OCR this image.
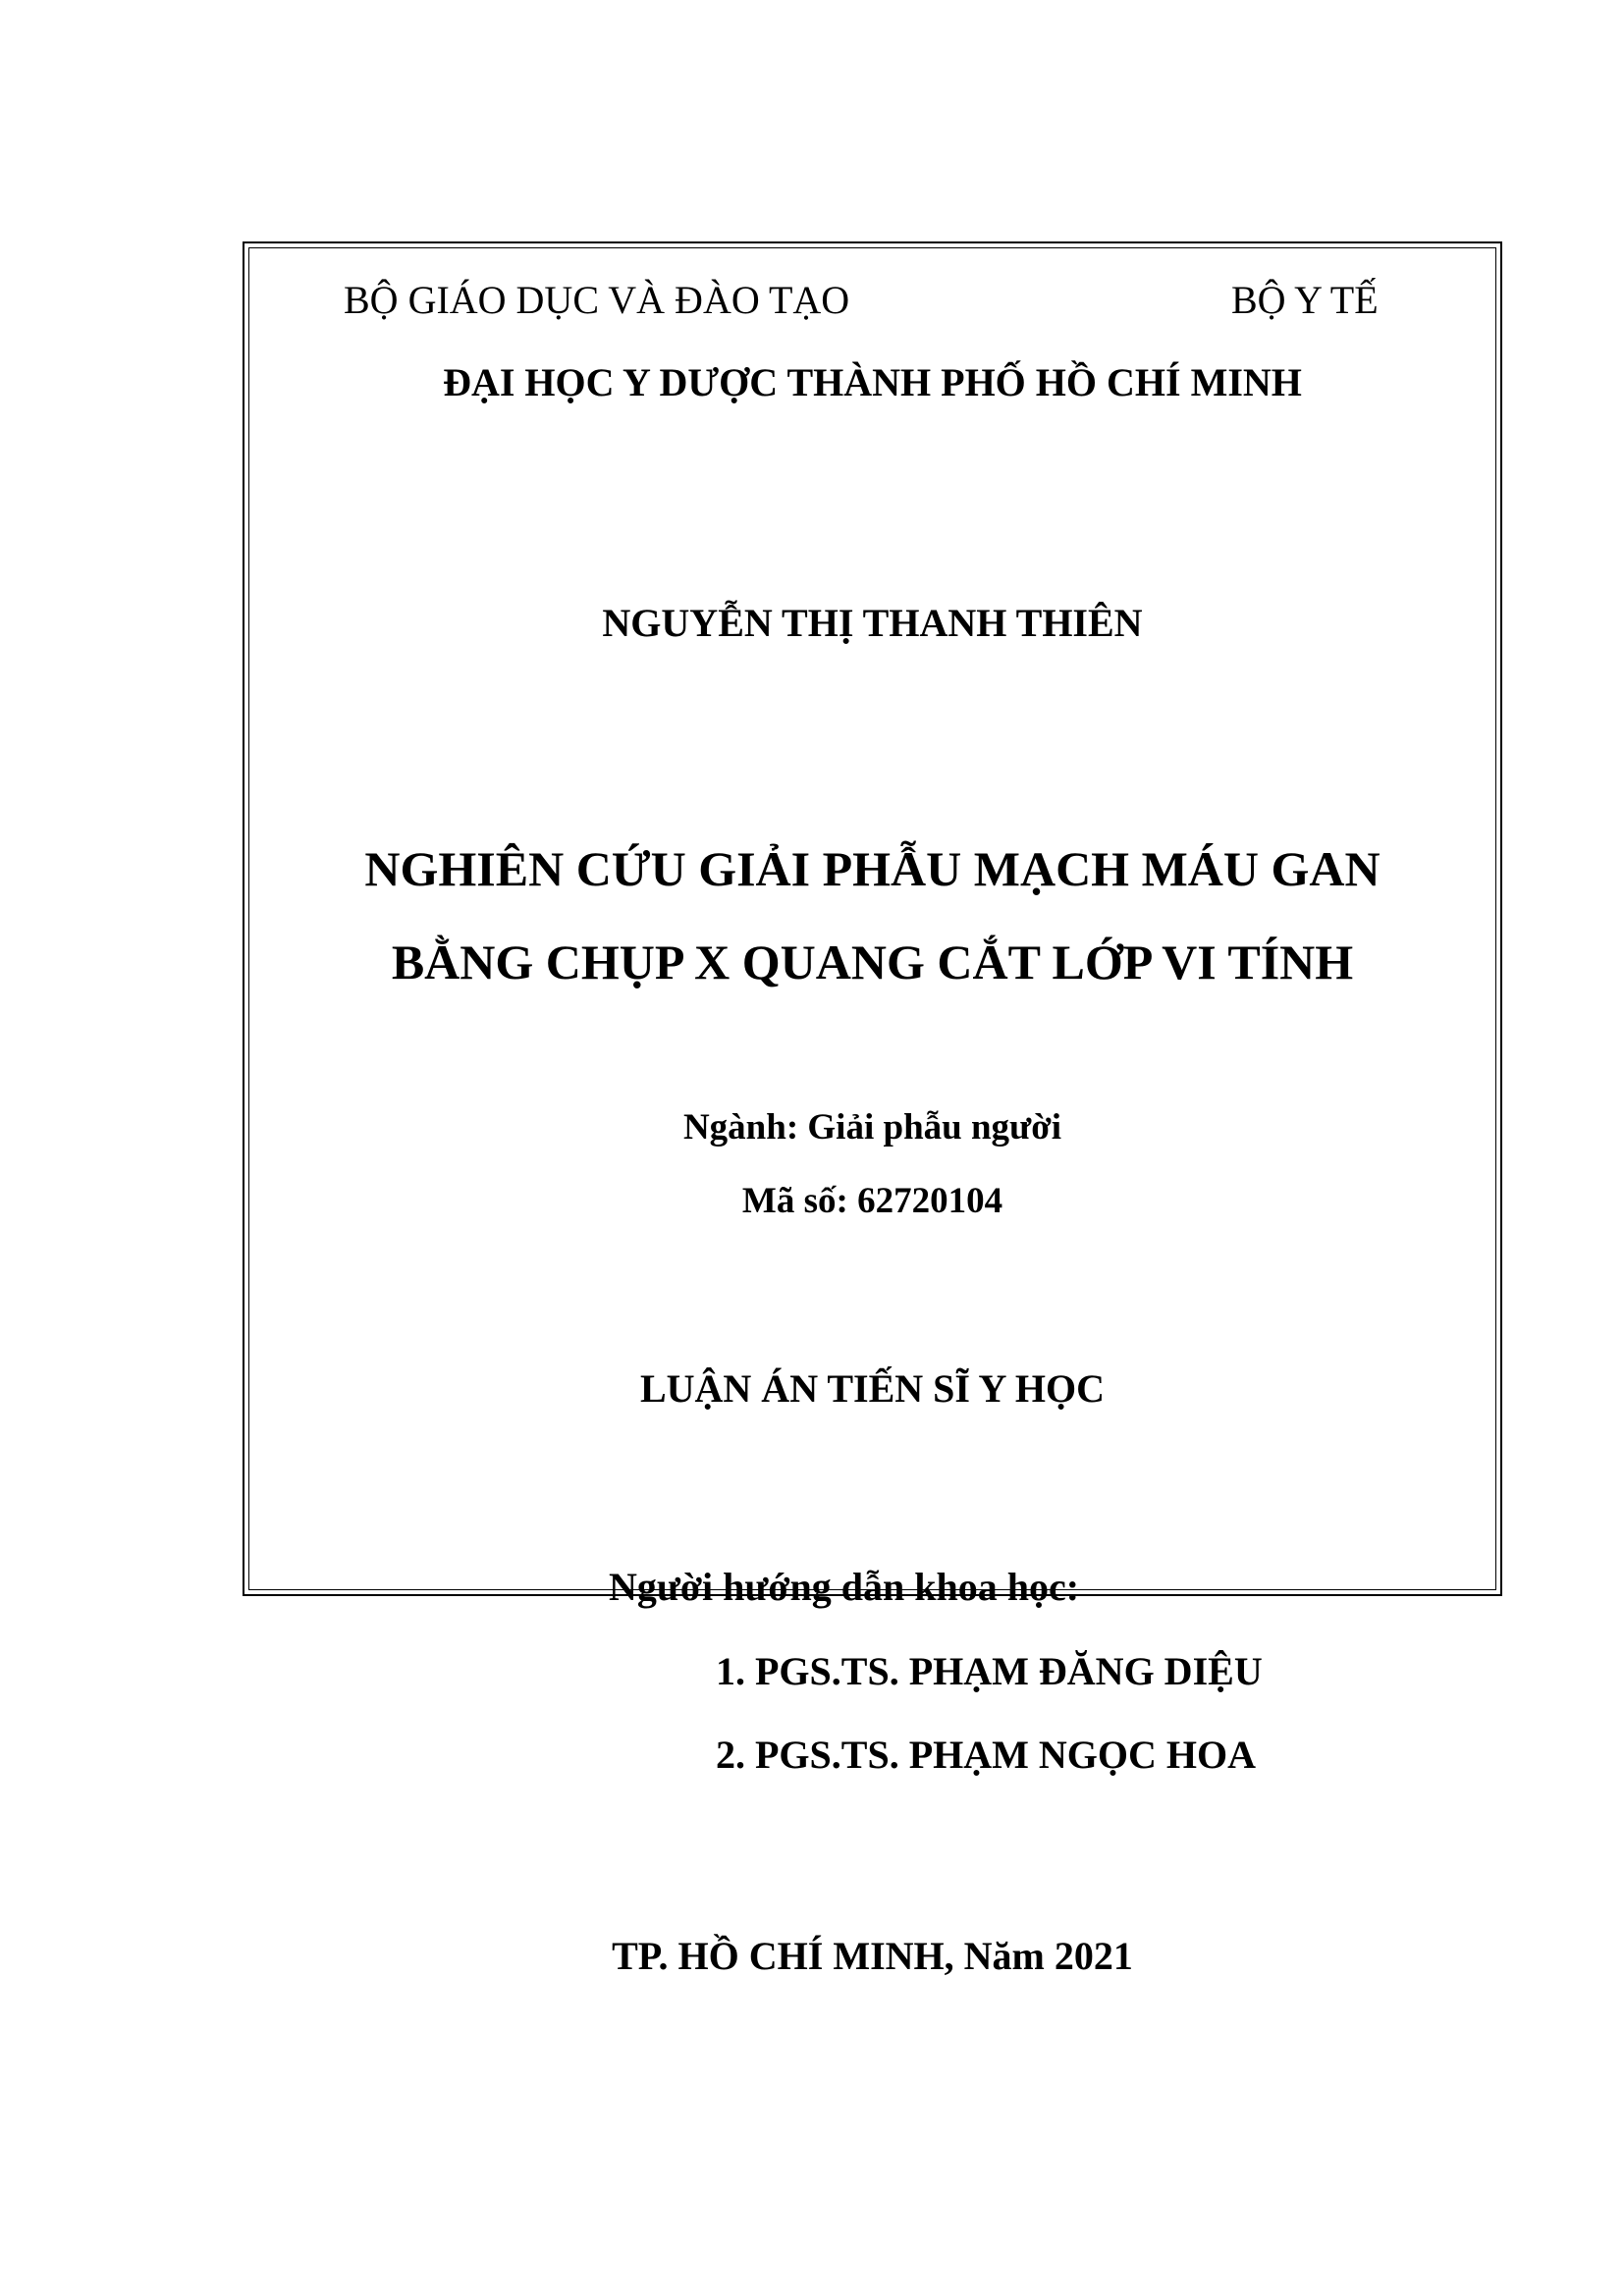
BỘ GIÁO DỤC VÀ ĐÀO TẠO	BỘ Y TẾ
ĐẠI HỌC Y DƯỢC THÀNH PHỐ HỒ CHÍ MINH
NGUYỄN THỊ THANH THIÊN
NGHIÊN CỨU GIẢI PHẪU MẠCH MÁU GAN
BẰNG CHỤP X QUANG CẮT LỚP VI TÍNH
Ngành: Giải phẫu người
Mã số: 62720104
LUẬN ÁN TIẾN SĨ Y HỌC
Người hướng dẫn khoa học:
1. PGS.TS. PHẠM ĐĂNG DIỆU
2. PGS.TS. PHẠM NGỌC HOA
TP. HỒ CHÍ MINH, Năm 2021
